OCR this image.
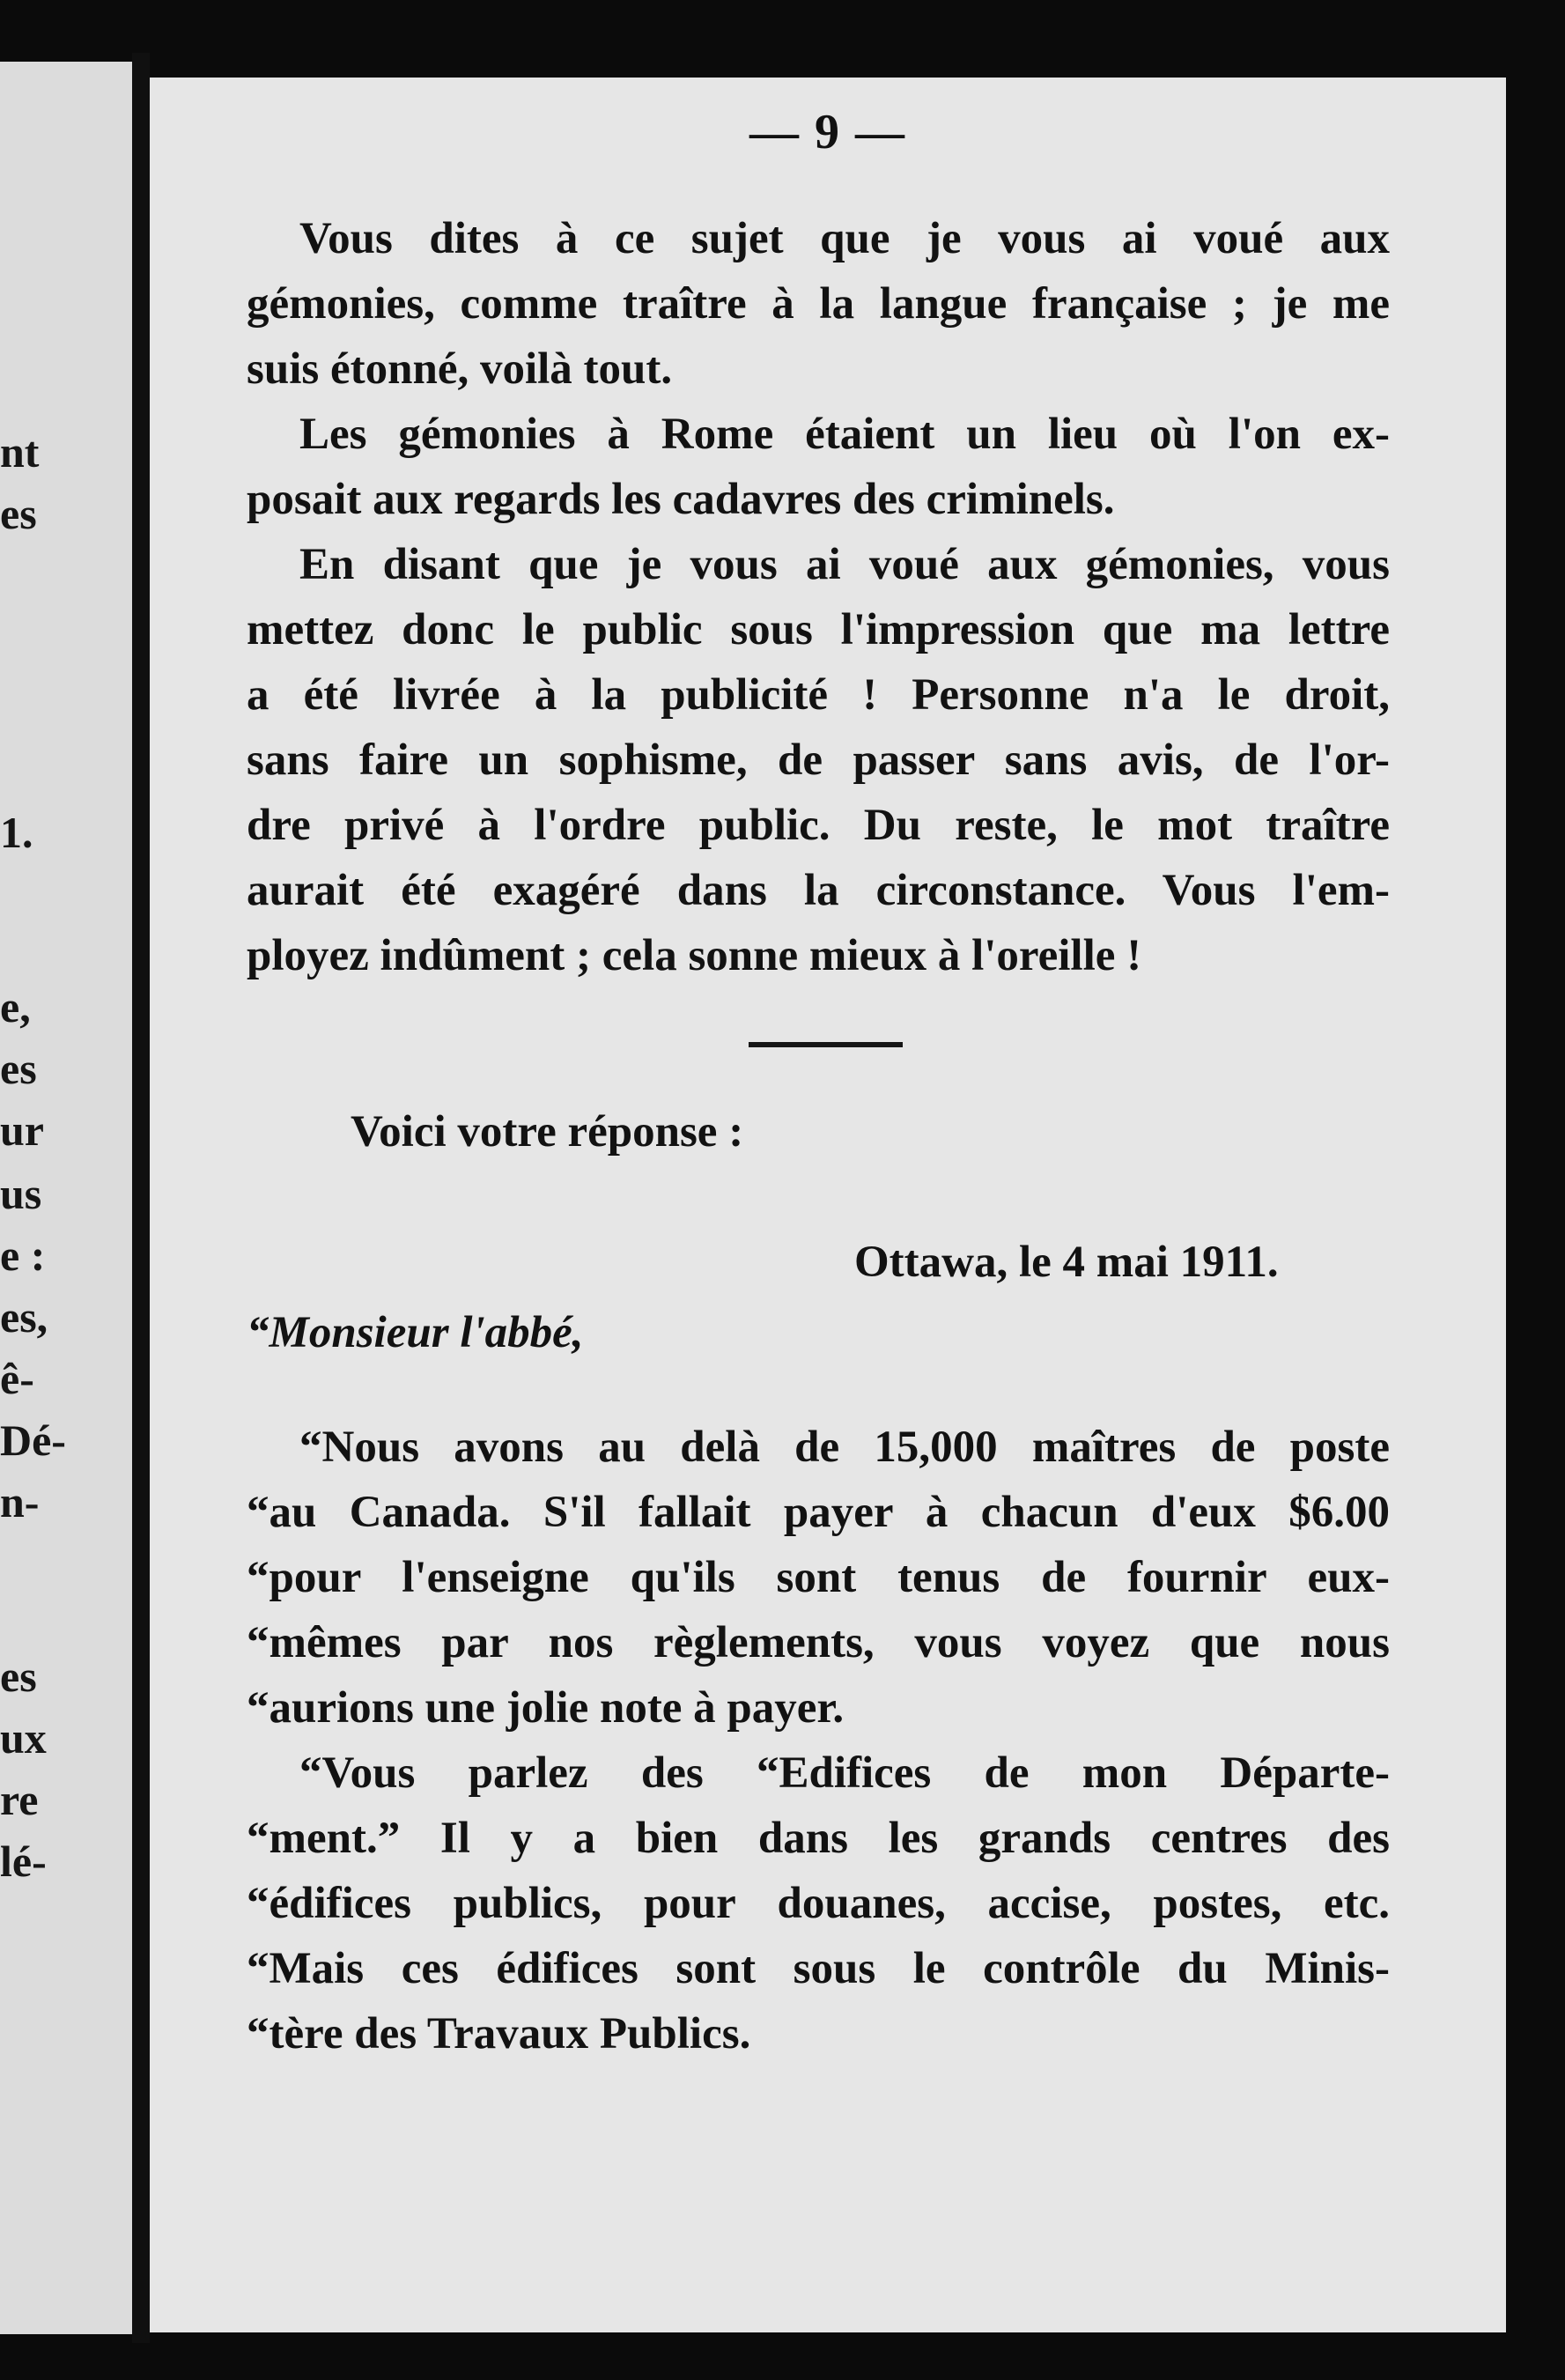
nt
es
1.
e,
es
ur
us
e :
es,
ê-
Dé-
n-
es
ux
re
lé-
— 9 —
Vous dites à ce sujet que je vous ai voué aux
gémonies, comme traître à la langue française ; je me
suis étonné, voilà tout.
Les gémonies à Rome étaient un lieu où l'on ex-
posait aux regards les cadavres des criminels.
En disant que je vous ai voué aux gémonies, vous
mettez donc le public sous l'impression que ma lettre
a été livrée à la publicité ! Personne n'a le droit,
sans faire un sophisme, de passer sans avis, de l'or-
dre privé à l'ordre public. Du reste, le mot traître
aurait été exagéré dans la circonstance. Vous l'em-
ployez indûment ; cela sonne mieux à l'oreille !
Voici votre réponse :
Ottawa, le 4 mai 1911.
“Monsieur l'abbé,
“Nous avons au delà de 15,000 maîtres de poste
“au Canada. S'il fallait payer à chacun d'eux $6.00
“pour l'enseigne qu'ils sont tenus de fournir eux-
“mêmes par nos règlements, vous voyez que nous
“aurions une jolie note à payer.
“Vous parlez des “Edifices de mon Départe-
“ment.” Il y a bien dans les grands centres des
“édifices publics, pour douanes, accise, postes, etc.
“Mais ces édifices sont sous le contrôle du Minis-
“tère des Travaux Publics.
